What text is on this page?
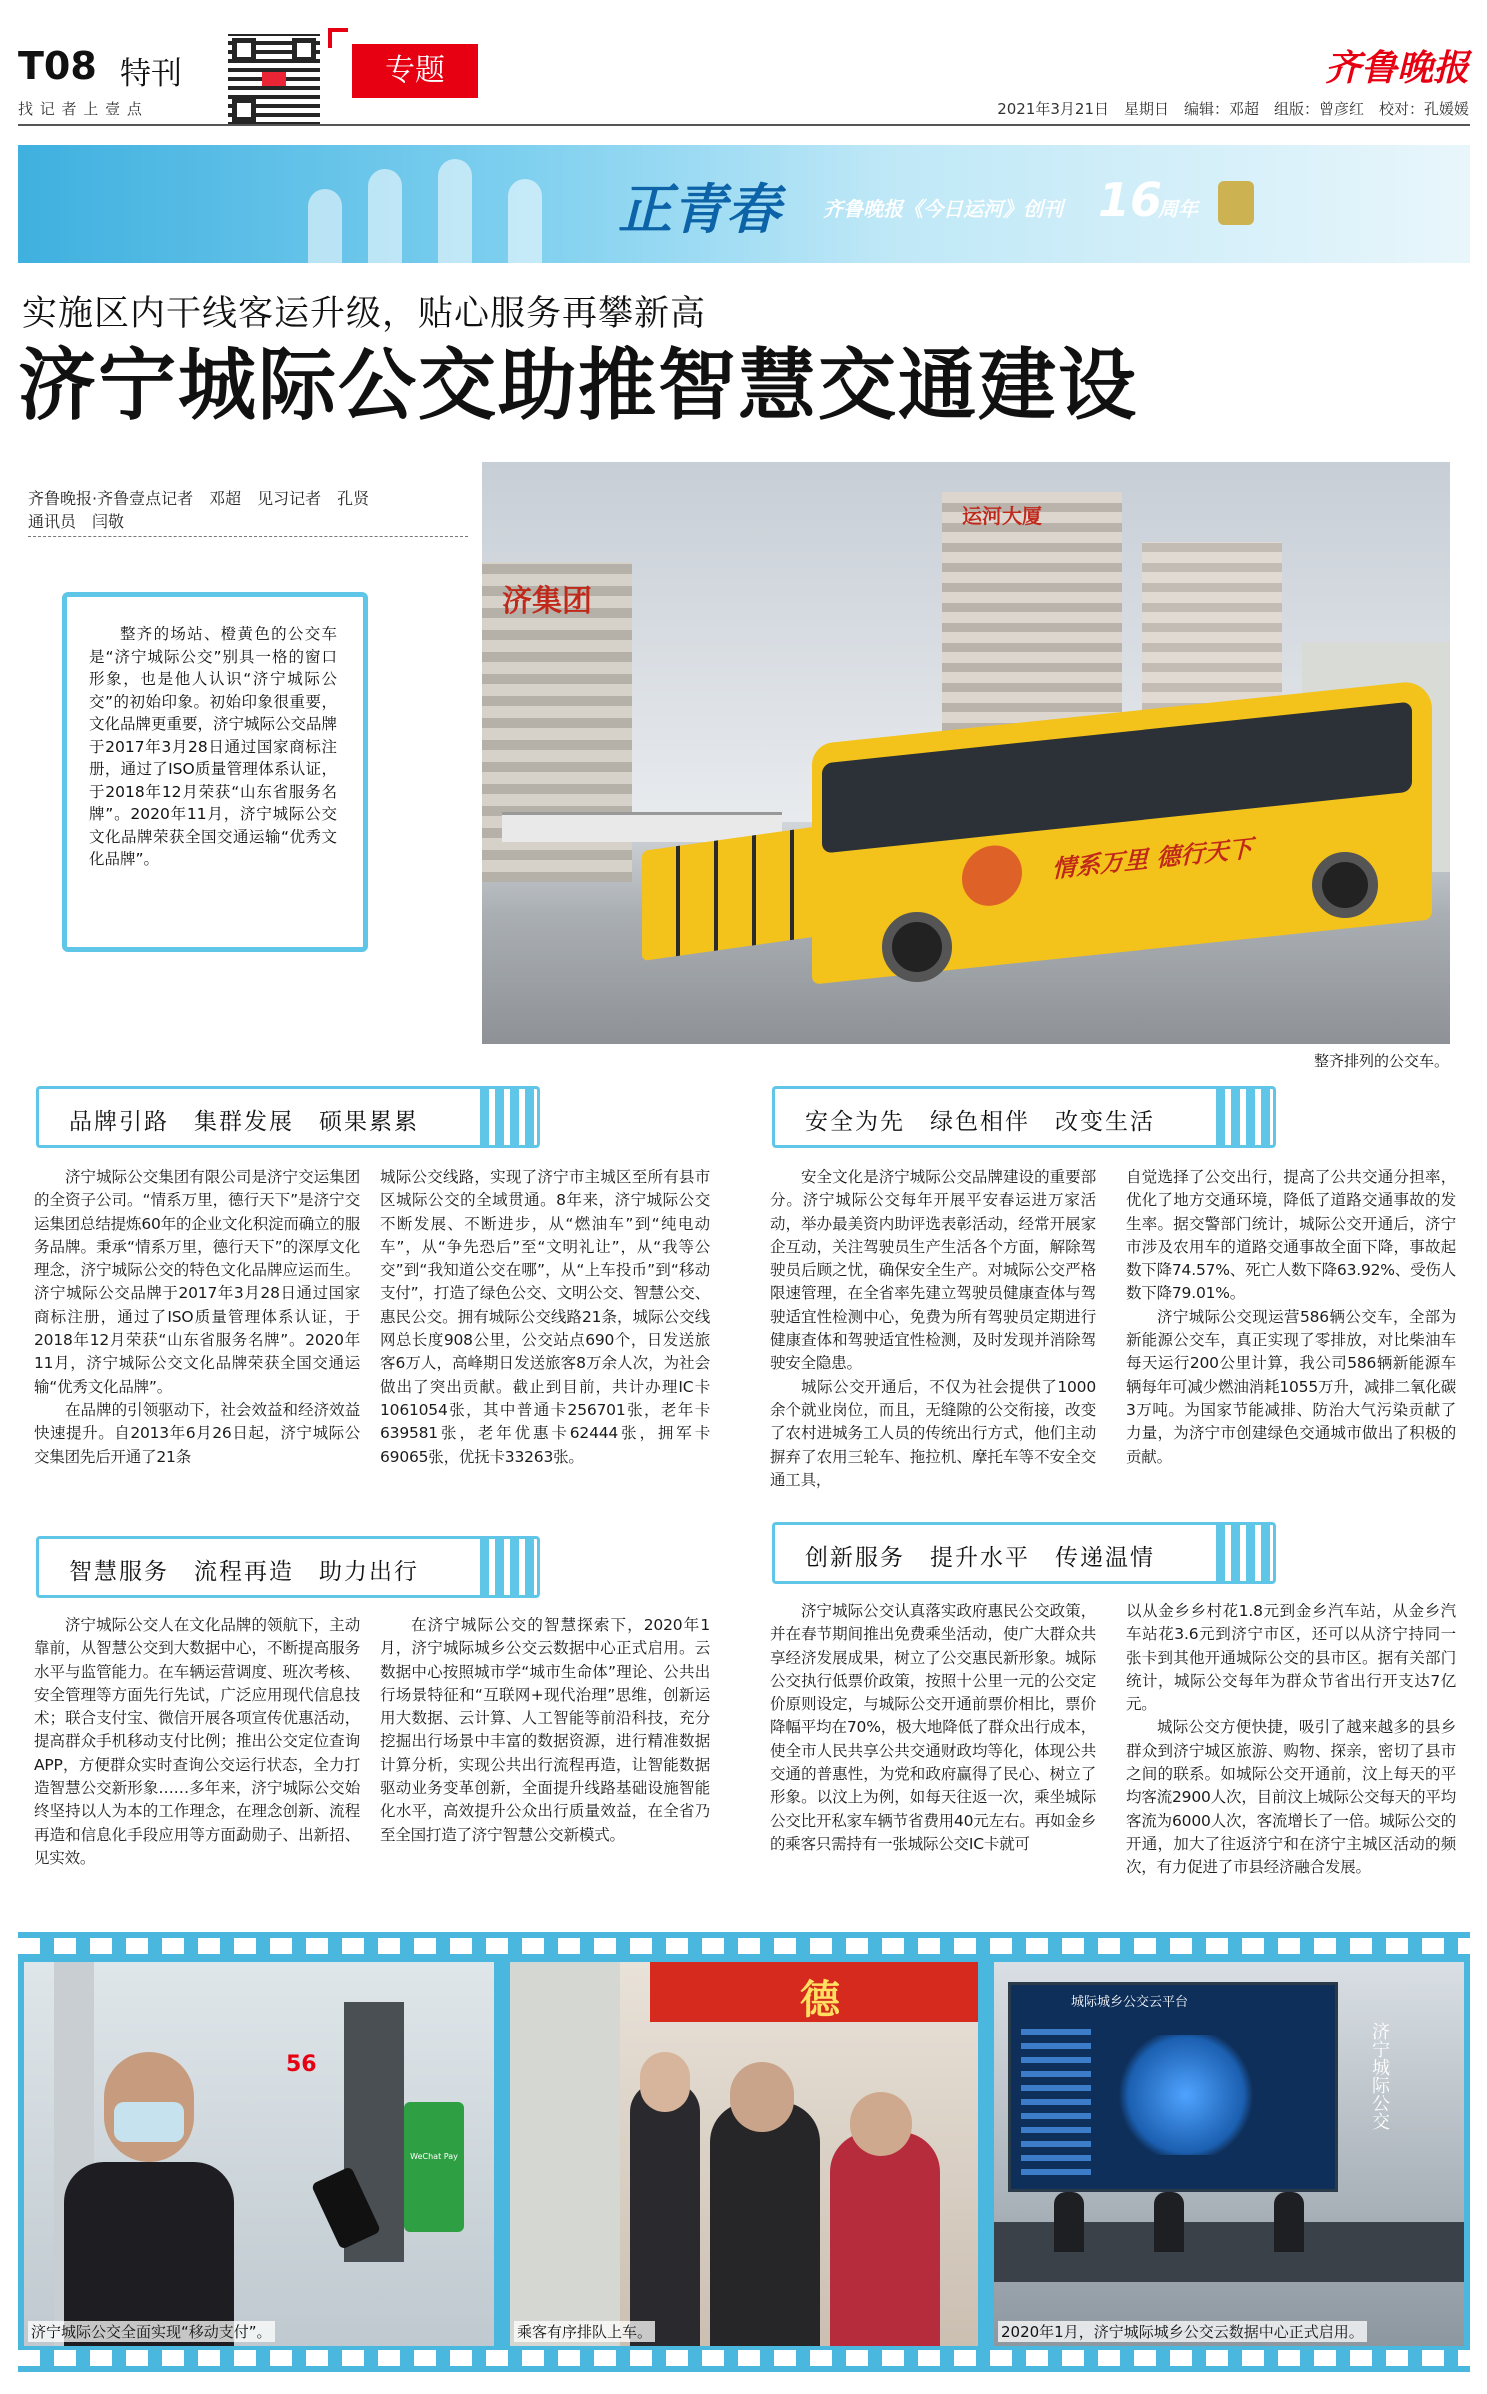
T08 特刊
找 记 者 上 壹 点
专题	齐鲁晚报
2021年3月21日　星期日　编辑：邓超　组版：曾彦红　校对：孔媛媛
正青春 齐鲁晚报《今日运河》创刊 16
周年
实施区内干线客运升级，贴心服务再攀新高
济宁城际公交助推智慧交通建设
齐鲁晚报·齐鲁壹点记者　邓超　见习记者　孔贤
通讯员　闫敬
整齐的场站、橙黄色的公交车是“济宁城际公交”别具一格的窗口形象，也是他人认识“济宁城际公交”的初始印象。初始印象很重要，文化品牌更重要，济宁城际公交品牌于2017年3月28日通过国家商标注册，通过了ISO质量管理体系认证，于2018年12月荣获“山东省服务名牌”。2020年11月，济宁城际公交文化品牌荣获全国交通运输“优秀文化品牌”。
济集团
运河大厦
情系万里 德行天下
整齐排列的公交车。
品牌引路　集群发展　硕果累累

济宁城际公交集团有限公司是济宁交运集团的全资子公司。“情系万里，德行天下”是济宁交运集团总结提炼60年的企业文化积淀而确立的服务品牌。秉承“情系万里，德行天下”的深厚文化理念，济宁城际公交的特色文化品牌应运而生。济宁城际公交品牌于2017年3月28日通过国家商标注册，通过了ISO质量管理体系认证，于2018年12月荣获“山东省服务名牌”。2020年11月，济宁城际公交文化品牌荣获全国交通运输“优秀文化品牌”。

在品牌的引领驱动下，社会效益和经济效益快速提升。自2013年6月26日起，济宁城际公交集团先后开通了21条

城际公交线路，实现了济宁市主城区至所有县市区城际公交的全域贯通。8年来，济宁城际公交不断发展、不断进步，从“燃油车”到“纯电动车”，从“争先恐后”至“文明礼让”，从“我等公交”到“我知道公交在哪”，从“上车投币”到“移动支付”，打造了绿色公交、文明公交、智慧公交、惠民公交。拥有城际公交线路21条，城际公交线网总长度908公里，公交站点690个，日发送旅客6万人，高峰期日发送旅客8万余人次，为社会做出了突出贡献。截止到目前，共计办理IC卡1061054张，其中普通卡256701张，老年卡639581张，老年优惠卡62444张，拥军卡69065张，优抚卡33263张。

智慧服务　流程再造　助力出行

济宁城际公交人在文化品牌的领航下，主动靠前，从智慧公交到大数据中心，不断提高服务水平与监管能力。在车辆运营调度、班次考核、安全管理等方面先行先试，广泛应用现代信息技术；联合支付宝、微信开展各项宣传优惠活动，提高群众手机移动支付比例；推出公交定位查询APP，方便群众实时查询公交运行状态，全力打造智慧公交新形象……多年来，济宁城际公交始终坚持以人为本的工作理念，在理念创新、流程再造和信息化手段应用等方面勐勋子、出新招、见实效。

在济宁城际公交的智慧探索下，2020年1月，济宁城际城乡公交云数据中心正式启用。云数据中心按照城市学“城市生命体”理论、公共出行场景特征和“互联网+现代治理”思维，创新运用大数据、云计算、人工智能等前沿科技，充分挖掘出行场景中丰富的数据资源，进行精准数据计算分析，实现公共出行流程再造，让智能数据驱动业务变革创新，全面提升线路基础设施智能化水平，高效提升公众出行质量效益，在全省乃至全国打造了济宁智慧公交新模式。

安全为先　绿色相伴　改变生活

安全文化是济宁城际公交品牌建设的重要部分。济宁城际公交每年开展平安春运进万家活动，举办最美资内助评选表彰活动，经常开展家企互动，关注驾驶员生产生活各个方面，解除驾驶员后顾之忧，确保安全生产。对城际公交严格限速管理，在全省率先建立驾驶员健康查体与驾驶适宜性检测中心，免费为所有驾驶员定期进行健康查体和驾驶适宜性检测，及时发现并消除驾驶安全隐患。

城际公交开通后，不仅为社会提供了1000余个就业岗位，而且，无缝隙的公交衔接，改变了农村进城务工人员的传统出行方式，他们主动摒弃了农用三轮车、拖拉机、摩托车等不安全交通工具，

自觉选择了公交出行，提高了公共交通分担率，优化了地方交通环境，降低了道路交通事故的发生率。据交警部门统计，城际公交开通后，济宁市涉及农用车的道路交通事故全面下降，事故起数下降74.57%、死亡人数下降63.92%、受伤人数下降79.01%。

济宁城际公交现运营586辆公交车，全部为新能源公交车，真正实现了零排放，对比柴油车每天运行200公里计算，我公司586辆新能源车辆每年可减少燃油消耗1055万升，减排二氧化碳3万吨。为国家节能减排、防治大气污染贡献了力量，为济宁市创建绿色交通城市做出了积极的贡献。

创新服务　提升水平　传递温情

济宁城际公交认真落实政府惠民公交政策，并在春节期间推出免费乘坐活动，使广大群众共享经济发展成果，树立了公交惠民新形象。城际公交执行低票价政策，按照十公里一元的公交定价原则设定，与城际公交开通前票价相比，票价降幅平均在70%，极大地降低了群众出行成本，使全市人民共享公共交通财政均等化，体现公共交通的普惠性，为党和政府赢得了民心、树立了形象。以汶上为例，如每天往返一次，乘坐城际公交比开私家车辆节省费用40元左右。再如金乡的乘客只需持有一张城际公交IC卡就可

以从金乡乡村花1.8元到金乡汽车站，从金乡汽车站花3.6元到济宁市区，还可以从济宁持同一张卡到其他开通城际公交的县市区。据有关部门统计，城际公交每年为群众节省出行开支达7亿元。

城际公交方便快捷，吸引了越来越多的县乡群众到济宁城区旅游、购物、探亲，密切了县市之间的联系。如城际公交开通前，汶上每天的平均客流2900人次，目前汶上城际公交每天的平均客流为6000人次，客流增长了一倍。城际公交的开通，加大了往返济宁和在济宁主城区活动的频次，有力促进了市县经济融合发展。

56
WeChat Pay
济宁城际公交全面实现“移动支付”。
德
乘客有序排队上车。
城际城乡公交云平台
济宁城际公交
2020年1月，济宁城际城乡公交云数据中心正式启用。
